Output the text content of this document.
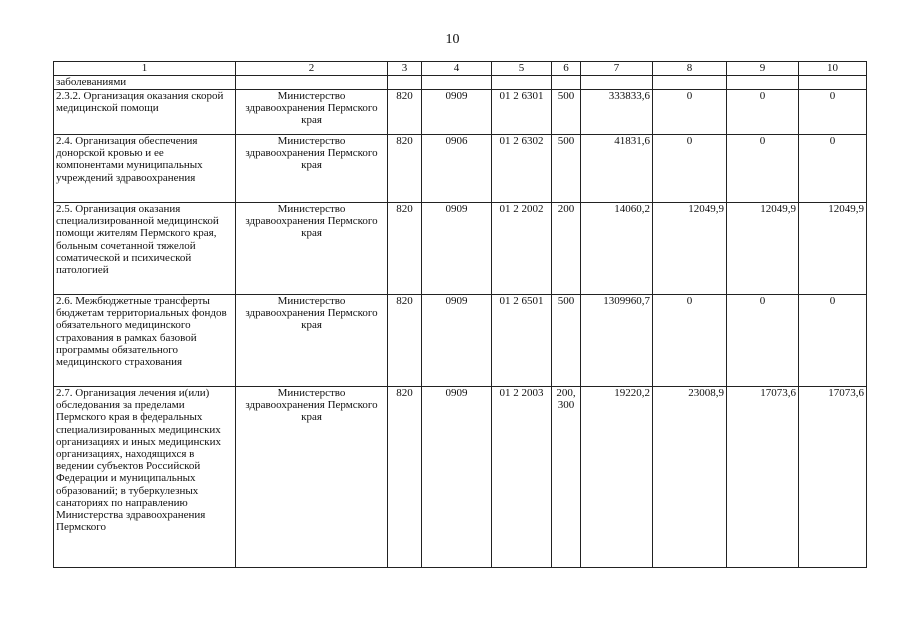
10
1	2	3	4	5	6	7	8	9	10
заболеваниями									
2.3.2. Организация оказания скорой медицинской помощи	Министерство здравоохранения Пермского края	820	0909	01 2 6301	500	333833,6	0	0	0
2.4. Организация обеспечения донорской кровью и ее компонентами муниципальных учреждений здравоохранения	Министерство здравоохранения Пермского края	820	0906	01 2 6302	500	41831,6	0	0	0
2.5. Организация оказания специализированной медицинской помощи жителям Пермского края, больным сочетанной тяжелой соматической и психической патологией	Министерство здравоохранения Пермского края	820	0909	01 2 2002	200	14060,2	12049,9	12049,9	12049,9
2.6. Межбюджетные трансферты бюджетам территориальных фондов обязательного медицинского страхования в рамках базовой программы обязательного медицинского страхования	Министерство здравоохранения Пермского края	820	0909	01 2 6501	500	1309960,7	0	0	0
2.7. Организация лечения и(или) обследования за пределами Пермского края в федеральных специализированных медицинских организациях и иных медицинских организациях, находящихся в ведении субъектов Российской Федерации и муниципальных образований; в туберкулезных санаториях по направлению Министерства здравоохранения Пермского	Министерство здравоохранения Пермского края	820	0909	01 2 2003	200, 300	19220,2	23008,9	17073,6	17073,6
